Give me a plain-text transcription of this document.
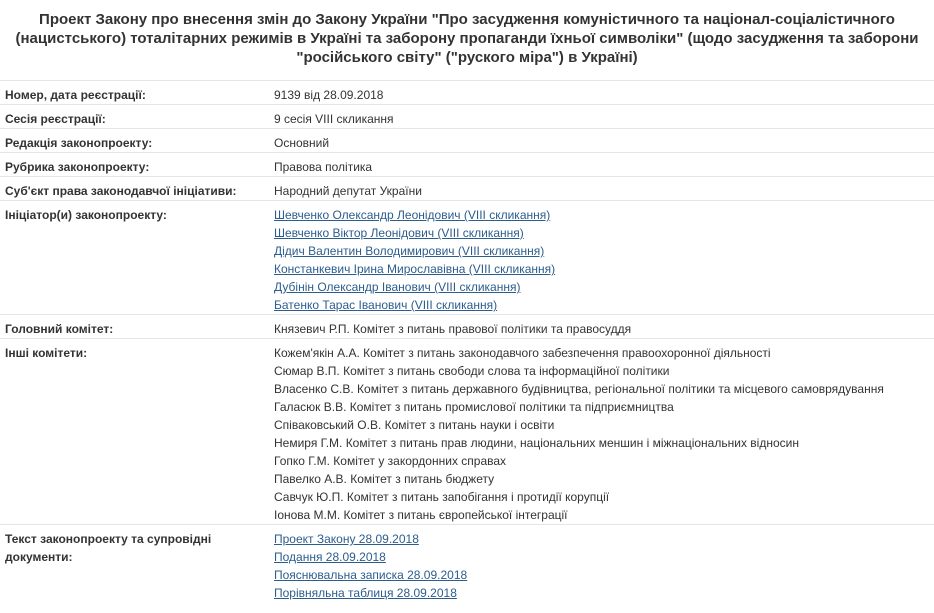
Проект Закону про внесення змін до Закону України "Про засудження комуністичного та націонал-соціалістичного (нацистського) тоталітарних режимів в Україні та заборону пропаганди їхньої символіки" (щодо засудження та заборони "російського світу" ("руского міра") в Україні)
Номер, дата реєстрації:	9139 від 28.09.2018
Сесія реєстрації:	9 сесія VIII скликання
Редакція законопроекту:	Основний
Рубрика законопроекту:	Правова політика
Суб'єкт права законодавчої ініціативи:	Народний депутат України
Ініціатор(и) законопроекту:	Шевченко Олександр Леонідович (VIII скликання)
Шевченко Віктор Леонідович (VIII скликання)
Дідич Валентин Володимирович (VIII скликання)
Констанкевич Ірина Мирославівна (VIII скликання)
Дубінін Олександр Іванович (VIII скликання)
Батенко Тарас Іванович (VIII скликання)
Головний комітет:	Князевич Р.П. Комітет з питань правової політики та правосуддя
Інші комітети:	Кожем'якін А.А. Комітет з питань законодавчого забезпечення правоохоронної діяльності
Сюмар В.П. Комітет з питань свободи слова та інформаційної політики
Власенко С.В. Комітет з питань державного будівництва, регіональної політики та місцевого самоврядування
Галасюк В.В. Комітет з питань промислової політики та підприємництва
Співаковський О.В. Комітет з питань науки і освіти
Немиря Г.М. Комітет з питань прав людини, національних меншин і міжнаціональних відносин
Гопко Г.М. Комітет у закордонних справах
Павелко А.В. Комітет з питань бюджету
Савчук Ю.П. Комітет з питань запобігання і протидії корупції
Іонова М.М. Комітет з питань європейської інтеграції
Текст законопроекту та супровідні документи:
Проект Закону 28.09.2018
Подання 28.09.2018
Пояснювальна записка 28.09.2018
Порівняльна таблиця 28.09.2018
